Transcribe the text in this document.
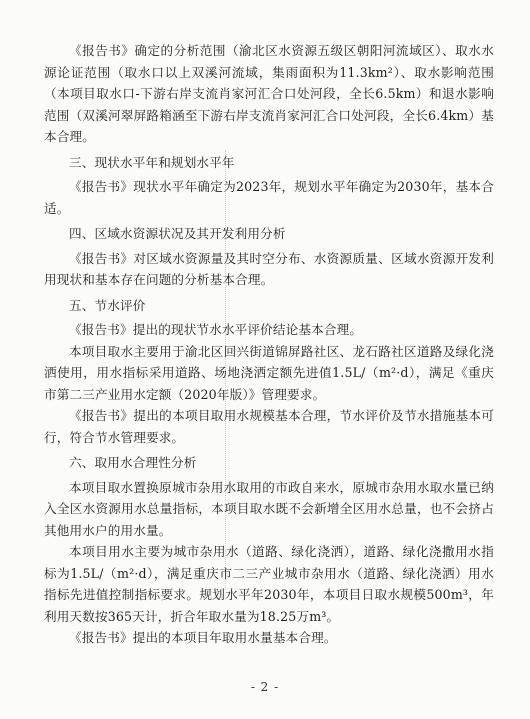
《报告书》确定的分析范围（渝北区水资源五级区朝阳河流域区）、取水水源论证范围（取水口以上双溪河流域，集雨面积为11.3km²）、取水影响范围（本项目取水口-下游右岸支流肖家河汇合口处河段，全长6.5km）和退水影响范围（双溪河翠屏路箱涵至下游右岸支流肖家河汇合口处河段，全长6.4km）基本合理。

三、现状水平年和规划水平年

《报告书》现状水平年确定为2023年，规划水平年确定为2030年，基本合适。

四、区域水资源状况及其开发利用分析

《报告书》对区域水资源量及其时空分布、水资源质量、区域水资源开发利用现状和基本存在问题的分析基本合理。

五、节水评价

《报告书》提出的现状节水水平评价结论基本合理。

本项目取水主要用于渝北区回兴街道锦屏路社区、龙石路社区道路及绿化浇洒使用，用水指标采用道路、场地浇洒定额先进值1.5L/（m²·d），满足《重庆市第二三产业用水定额（2020年版）》管理要求。

《报告书》提出的本项目取用水规模基本合理，节水评价及节水措施基本可行，符合节水管理要求。

六、取用水合理性分析

本项目取水置换原城市杂用水取用的市政自来水，原城市杂用水取水量已纳入全区水资源用水总量指标，本项目取水既不会新增全区用水总量，也不会挤占其他用水户的用水量。

本项目用水主要为城市杂用水（道路、绿化浇洒），道路、绿化浇撒用水指标为1.5L/（m²·d），满足重庆市二三产业城市杂用水（道路、绿化浇洒）用水指标先进值控制指标要求。规划水平年2030年，本项目日取水规模500m³，年利用天数按365天计，折合年取水量为18.25万m³。

《报告书》提出的本项目年取用水量基本合理。

- 2 -
